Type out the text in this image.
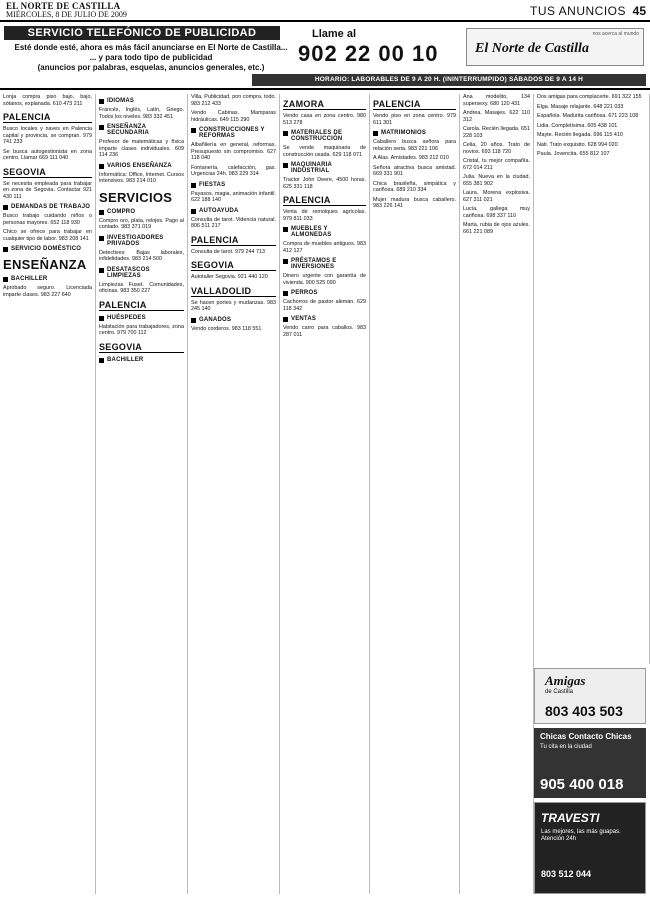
EL NORTE DE CASTILLA
MIÉRCOLES, 8 DE JULIO DE 2009	TUS ANUNCIOS 45
SERVICIO TELEFÓNICO DE PUBLICIDAD
Esté donde esté, ahora es más fácil anunciarse en El Norte de Castilla...
... y para todo tipo de publicidad
(anuncios por palabras, esquelas, anuncios generales, etc.)
Llame al
902 22 00 10	El Norte de Castilla
nos acerca al mundo
HORARIO: LABORABLES DE 9 A 20 H. (ININTERRUMPIDO) SÁBADOS DE 9 A 14 H

Lonja compra piso bajo, bajo, sótanos, explanada. 610 473 211

PALENCIA

Busco locales y naves en Palencia capital y provincia, se compran. 979 741 233

Se busca autogestionista en zona centro. Llamar 669 111 040

SEGOVIA

Se necesita empleada para trabajar en zona de Segovia. Contactar 921 430 111

DEMANDAS DE TRABAJO

Busco trabajo cuidando niños o personas mayores. 652 118 930

Chico se ofrece para trabajar en cualquier tipo de labor. 983 208 141

SERVICIO DOMÉSTICO
ENSEÑANZA
BACHILLER

Aprobado seguro. Licenciada imparte clases. 983 227 640

IDIOMAS

Francés, Inglés, Latín, Griego. Todos los niveles. 983 332 451

ENSEÑANZA SECUNDARIA

Profesor de matemáticas y física imparte clases individuales. 609 114 236

VARIOS ENSEÑANZA

Informática: Office, Internet. Cursos intensivos. 983 214 010

SERVICIOS
COMPRO

Compro oro, plata, relojes. Pago al contado. 983 371 019

INVESTIGADORES PRIVADOS

Detectives: Bajas laborales, infidelidades. 983 214 500

DESATASCOS LIMPIEZAS

Limpiezas Fuset. Comunidades, oficinas. 983 350 227

PALENCIA
HUÉSPEDES

Habitación para trabajadores, zona centro. 979 700 112

SEGOVIA
BACHILLER

Villa. Publicidad, pon compra, todo. 983 212 433

Vendo Cabinas. Mamparas hidráulicas. 649 115 290

CONSTRUCCIONES Y REFORMAS

Albañilería en general, reformas. Presupuesto sin compromiso. 627 118 040

Fontanería, calefacción, gas. Urgencias 24h. 983 229 314

FIESTAS

Payasos, magia, animación infantil. 622 188 140

AUTOAYUDA

Consulta de tarot. Videncia natural. 806 511 217

PALENCIA

Consulta de tarot. 979 244 713

SEGOVIA

Autotaller Segovia. 921 440 120

VALLADOLID

Se hacen portes y mudanzas. 983 245 140

GANADOS

Vendo corderos. 983 118 551

ZAMORA

Vendo casa en zona centro. 980 513 278

MATERIALES DE CONSTRUCCIÓN

Se vende maquinaria de construcción usada. 629 118 071

MAQUINARIA INDUSTRIAL

Tractor John Deere, 4500 horas. 625 331 118

PALENCIA

Venta de remolques agrícolas. 979 811 033

MUEBLES Y ALMONEDAS

Compra de muebles antiguos. 983 412 127

PRÉSTAMOS E INVERSIONES

Dinero urgente con garantía de vivienda. 900 525 090

PERROS

Cachorros de pastor alemán. 629 118 342

VENTAS

Vendo carro para caballos. 983 287 011

PALENCIA

Vendo piso en zona centro. 979 611 301

MATRIMONIOS

Caballero busca señora para relación seria. 983 221 106

A Alas. Amistades. 983 212 010

Señora atractiva busca amistad. 669 331 901

Chica brasileña, simpática y cariñosa. 689 210 334

Mujer madura busca caballero. 983 226 141

Ana modelito, 134 supersexy. 680 120 431

Andrea. Masajes. 622 110 312

Carola. Recién llegada. 651 228 103

Celia, 20 años. Trato de novios. 693 118 720

Cristal, tu mejor compañía. 672 014 211

Julia. Nueva en la ciudad. 655 381 902

Laura. Morena explosiva. 627 311 021

Lucía, gallega muy cariñosa. 698 337 110

Marta, rubia de ojos azules. 661 221 089

Dos amigas para complacerte. 691 322 155

Elga. Masaje relajante. 648 221 033

Española. Madurita cariñosa. 671 223 108

Lidia. Completísima. 605 438 101

Mayte. Recién llegada. 696 115 410

Nati. Trato exquisito. 628 994 020

Paula. Jovencita. 655 812 107

Amigas
de Castilla
803 403 503
Chicas Contacto Chicas
Tu cita en la ciudad
905 400 018
TRAVESTI
Las mejores, las más guapas. Atención 24h
803 512 044
